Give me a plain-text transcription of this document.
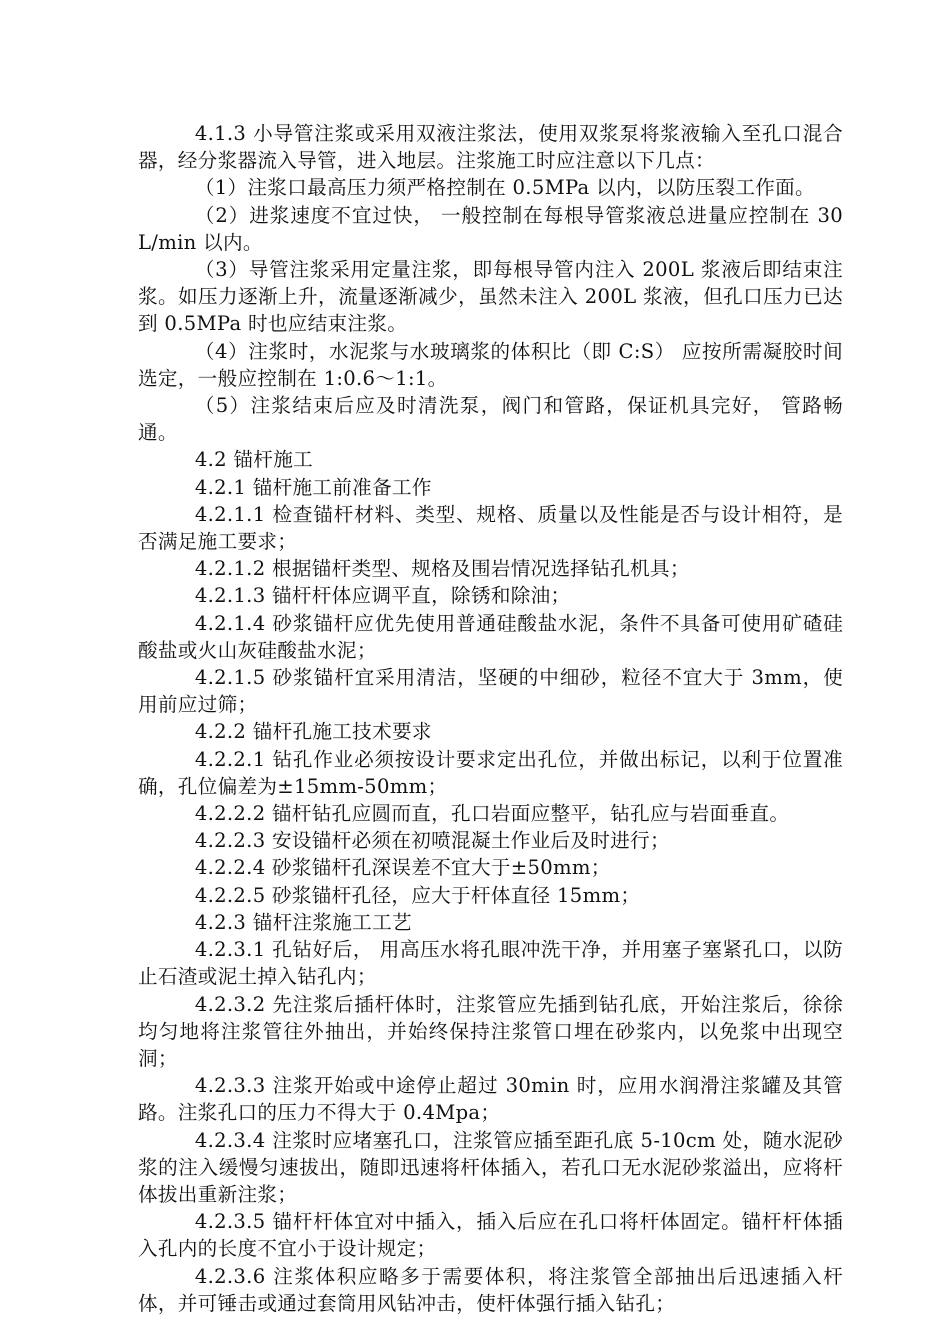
4.1.3 小导管注浆或采用双液注浆法，使用双浆泵将浆液输入至孔口混合器，经分浆器流入导管，进入地层。注浆施工时应注意以下几点：

（1）注浆口最高压力须严格控制在 0.5MPa 以内，以防压裂工作面。

（2）进浆速度不宜过快， 一般控制在每根导管浆液总进量应控制在 30L/min 以内。

（3）导管注浆采用定量注浆，即每根导管内注入 200L 浆液后即结束注浆。如压力逐渐上升，流量逐渐减少，虽然未注入 200L 浆液，但孔口压力已达到 0.5MPa 时也应结束注浆。

（4）注浆时，水泥浆与水玻璃浆的体积比（即 C:S） 应按所需凝胶时间选定，一般应控制在 1:0.6～1:1。

（5）注浆结束后应及时清洗泵，阀门和管路，保证机具完好， 管路畅通。

4.2 锚杆施工

4.2.1 锚杆施工前准备工作

4.2.1.1 检查锚杆材料、类型、规格、质量以及性能是否与设计相符，是否满足施工要求；

4.2.1.2 根据锚杆类型、规格及围岩情况选择钻孔机具；

4.2.1.3 锚杆杆体应调平直，除锈和除油；

4.2.1.4 砂浆锚杆应优先使用普通硅酸盐水泥，条件不具备可使用矿碴硅酸盐或火山灰硅酸盐水泥；

4.2.1.5 砂浆锚杆宜采用清洁，坚硬的中细砂，粒径不宜大于 3mm，使用前应过筛；

4.2.2 锚杆孔施工技术要求

4.2.2.1 钻孔作业必须按设计要求定出孔位，并做出标记，以利于位置准确，孔位偏差为±15mm-50mm；

4.2.2.2 锚杆钻孔应圆而直，孔口岩面应整平，钻孔应与岩面垂直。

4.2.2.3 安设锚杆必须在初喷混凝土作业后及时进行；

4.2.2.4 砂浆锚杆孔深误差不宜大于±50mm；

4.2.2.5 砂浆锚杆孔径，应大于杆体直径 15mm；

4.2.3 锚杆注浆施工工艺

4.2.3.1 孔钻好后， 用高压水将孔眼冲洗干净，并用塞子塞紧孔口，以防止石渣或泥土掉入钻孔内；

4.2.3.2 先注浆后插杆体时，注浆管应先插到钻孔底，开始注浆后，徐徐均匀地将注浆管往外抽出，并始终保持注浆管口埋在砂浆内，以免浆中出现空洞；

4.2.3.3 注浆开始或中途停止超过 30min 时，应用水润滑注浆罐及其管路。注浆孔口的压力不得大于 0.4Mpa；

4.2.3.4 注浆时应堵塞孔口，注浆管应插至距孔底 5-10cm 处，随水泥砂浆的注入缓慢匀速拔出，随即迅速将杆体插入，若孔口无水泥砂浆溢出，应将杆体拔出重新注浆；

4.2.3.5 锚杆杆体宜对中插入，插入后应在孔口将杆体固定。锚杆杆体插入孔内的长度不宜小于设计规定；

4.2.3.6 注浆体积应略多于需要体积，将注浆管全部抽出后迅速插入杆体，并可锤击或通过套筒用风钻冲击，使杆体强行插入钻孔；
